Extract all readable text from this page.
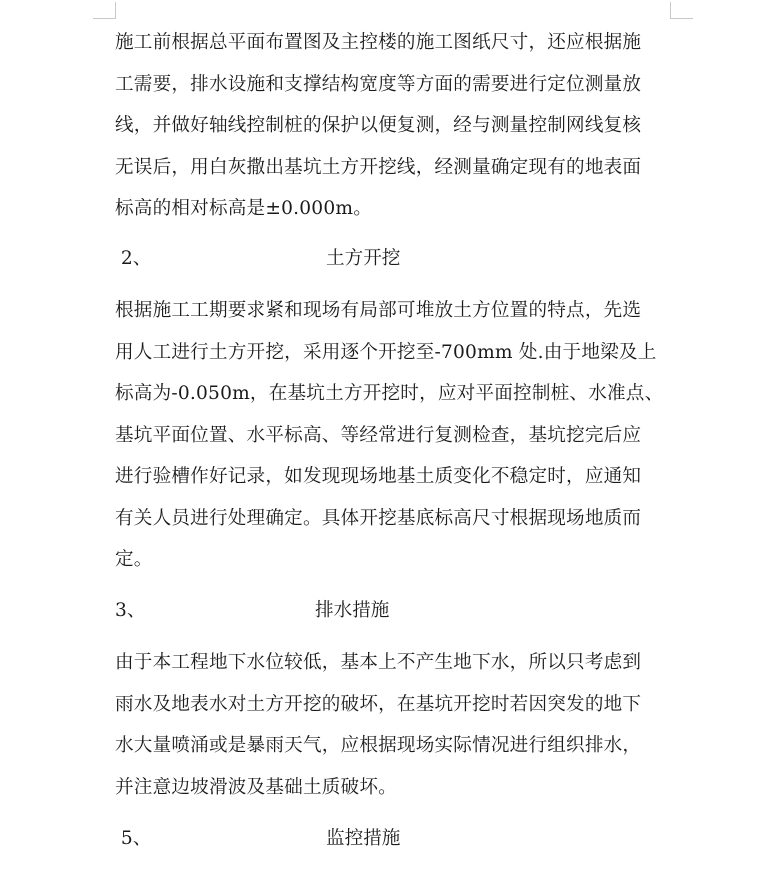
施工前根据总平面布置图及主控楼的施工图纸尺寸，还应根据施
工需要，排水设施和支撑结构宽度等方面的需要进行定位测量放
线，并做好轴线控制桩的保护以便复测，经与测量控制网线复核
无误后，用白灰撒出基坑土方开挖线，经测量确定现有的地表面
标高的相对标高是±0.000m。

2、	土方开挖

根据施工工期要求紧和现场有局部可堆放土方位置的特点，先选
用人工进行土方开挖，采用逐个开挖至-700mm 处.由于地梁及上
标高为-0.050m，在基坑土方开挖时，应对平面控制桩、水准点、
基坑平面位置、水平标高、等经常进行复测检查，基坑挖完后应
进行验槽作好记录，如发现现场地基土质变化不稳定时，应通知
有关人员进行处理确定。具体开挖基底标高尺寸根据现场地质而
定。

3、	排水措施

由于本工程地下水位较低，基本上不产生地下水，所以只考虑到
雨水及地表水对土方开挖的破坏，在基坑开挖时若因突发的地下
水大量喷涌或是暴雨天气，应根据现场实际情况进行组织排水，
并注意边坡滑波及基础土质破坏。

5、	监控措施
